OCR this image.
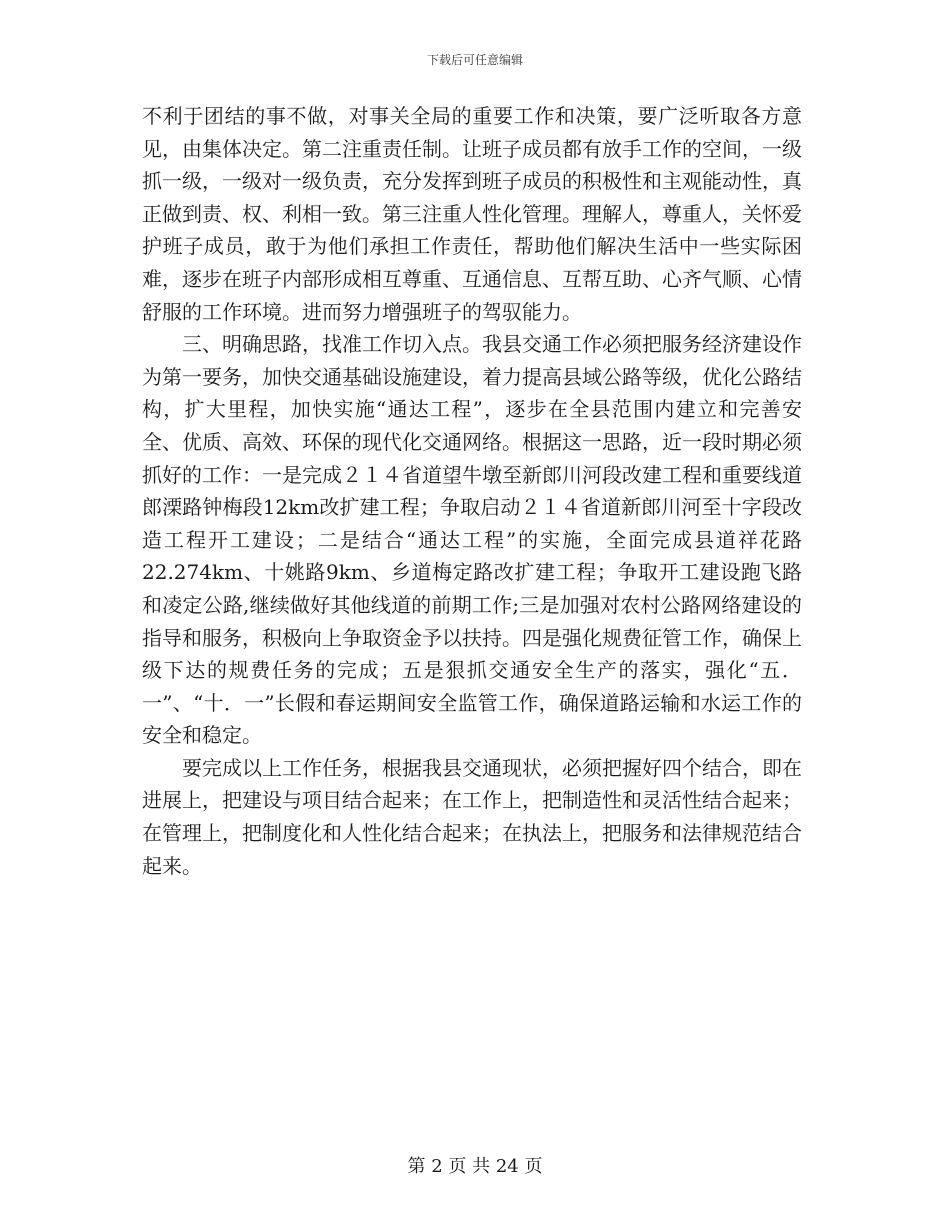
下载后可任意编辑

不利于团结的事不做，对事关全局的重要工作和决策，要广泛听取各方意见，由集体决定。第二注重责任制。让班子成员都有放手工作的空间，一级抓一级，一级对一级负责，充分发挥到班子成员的积极性和主观能动性，真正做到责、权、利相一致。第三注重人性化管理。理解人，尊重人，关怀爱护班子成员，敢于为他们承担工作责任，帮助他们解决生活中一些实际困难，逐步在班子内部形成相互尊重、互通信息、互帮互助、心齐气顺、心情舒服的工作环境。进而努力增强班子的驾驭能力。

三、明确思路，找准工作切入点。我县交通工作必须把服务经济建设作为第一要务，加快交通基础设施建设，着力提高县域公路等级，优化公路结构，扩大里程，加快实施“通达工程”，逐步在全县范围内建立和完善安全、优质、高效、环保的现代化交通网络。根据这一思路，近一段时期必须抓好的工作：一是完成２１４省道望牛墩至新郎川河段改建工程和重要线道郎溧路钟梅段12km改扩建工程；争取启动２１４省道新郎川河至十字段改造工程开工建设；二是结合“通达工程”的实施，全面完成县道祥花路22.274km、十姚路9km、乡道梅定路改扩建工程；争取开工建设跑飞路和凌定公路,继续做好其他线道的前期工作;三是加强对农村公路网络建设的指导和服务，积极向上争取资金予以扶持。四是强化规费征管工作，确保上级下达的规费任务的完成；五是狠抓交通安全生产的落实，强化“五．一”、“十．一”长假和春运期间安全监管工作，确保道路运输和水运工作的安全和稳定。

要完成以上工作任务，根据我县交通现状，必须把握好四个结合，即在进展上，把建设与项目结合起来；在工作上，把制造性和灵活性结合起来；在管理上，把制度化和人性化结合起来；在执法上，把服务和法律规范结合起来。

第 2 页 共 24 页
